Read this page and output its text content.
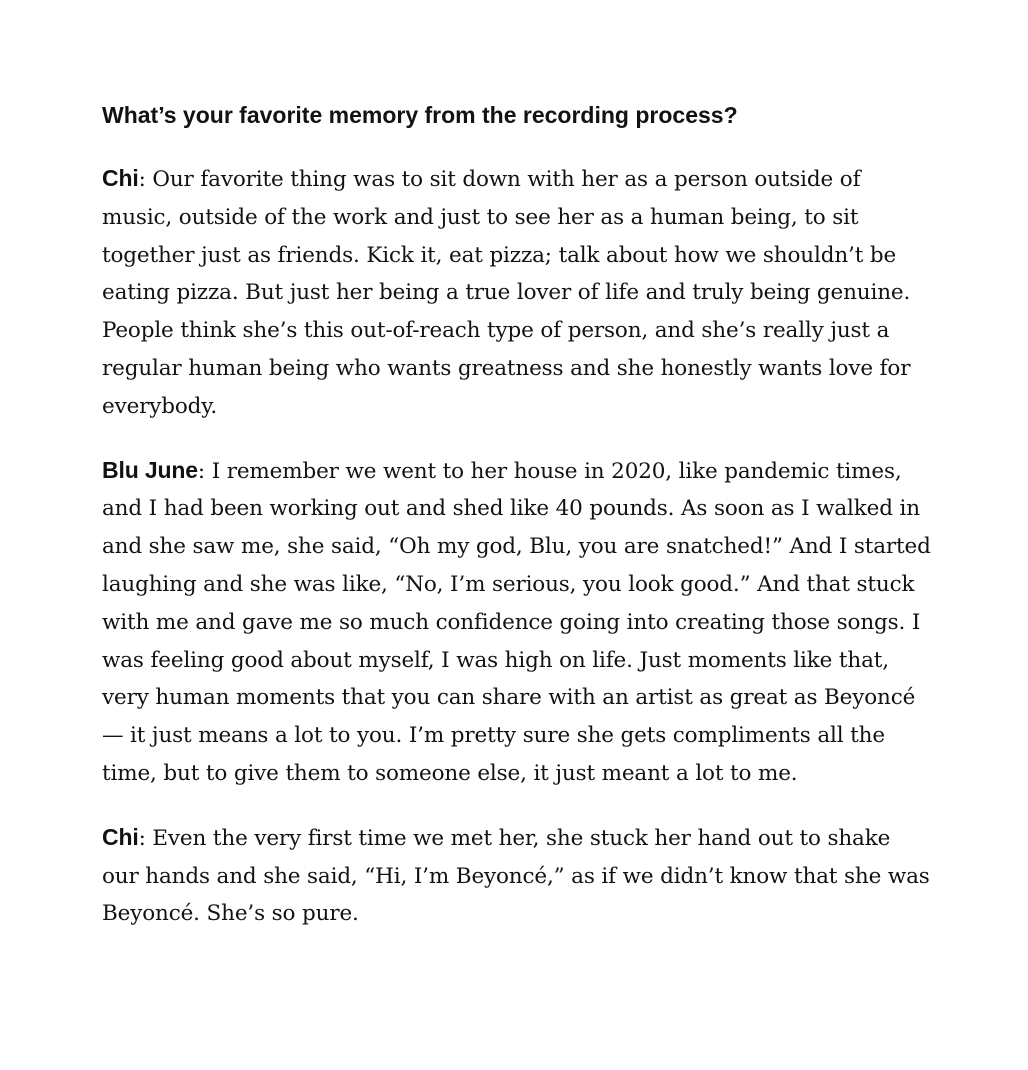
What’s your favorite memory from the recording process?

Chi: Our favorite thing was to sit down with her as a person outside of music, outside of the work and just to see her as a human being, to sit together just as friends. Kick it, eat pizza; talk about how we shouldn’t be eating pizza. But just her being a true lover of life and truly being genuine. People think she’s this out-of-reach type of person, and she’s really just a regular human being who wants greatness and she honestly wants love for everybody.

Blu June: I remember we went to her house in 2020, like pandemic times, and I had been working out and shed like 40 pounds. As soon as I walked in and she saw me, she said, “Oh my god, Blu, you are snatched!” And I started laughing and she was like, “No, I’m serious, you look good.” And that stuck with me and gave me so much confidence going into creating those songs. I was feeling good about myself, I was high on life. Just moments like that, very human moments that you can share with an artist as great as Beyoncé — it just means a lot to you. I’m pretty sure she gets compliments all the time, but to give them to someone else, it just meant a lot to me.

Chi: Even the very first time we met her, she stuck her hand out to shake our hands and she said, “Hi, I’m Beyoncé,” as if we didn’t know that she was Beyoncé. She’s so pure.
